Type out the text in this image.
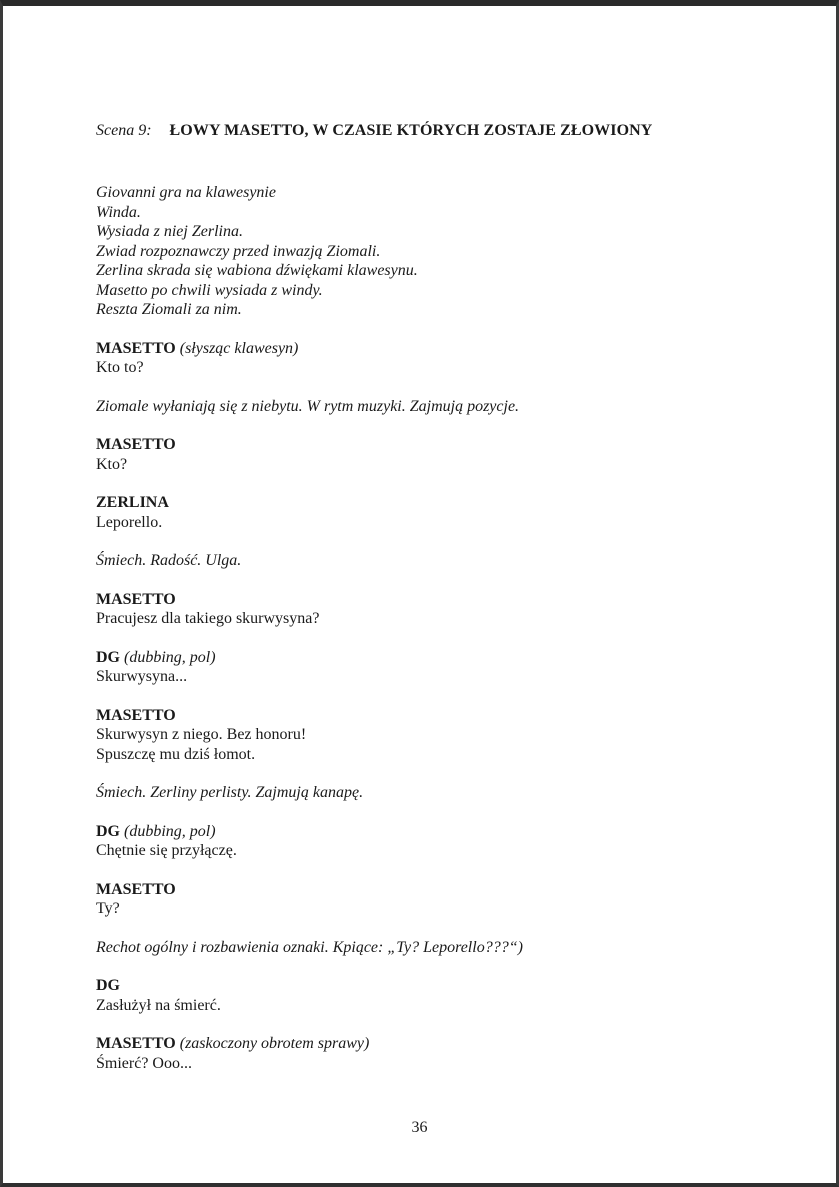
Scena 9: ŁOWY MASETTO, W CZASIE KTÓRYCH ZOSTAJE ZŁOWIONY
Giovanni gra na klawesynie
Winda.
Wysiada z niej Zerlina.
Zwiad rozpoznawczy przed inwazją Ziomali.
Zerlina skrada się wabiona dźwiękami klawesynu.
Masetto po chwili wysiada z windy.
Reszta Ziomali za nim.
MASETTO (słysząc klawesyn)
Kto to?
Ziomale wyłaniają się z niebytu. W rytm muzyki. Zajmują pozycje.
MASETTO
Kto?
ZERLINA
Leporello.
Śmiech. Radość. Ulga.
MASETTO
Pracujesz dla takiego skurwysyna?
DG (dubbing, pol)
Skurwysyna...
MASETTO
Skurwysyn z niego. Bez honoru!
Spuszczę mu dziś łomot.
Śmiech. Zerliny perlisty. Zajmują kanapę.
DG (dubbing, pol)
Chętnie się przyłączę.
MASETTO
Ty?
Rechot ogólny i rozbawienia oznaki. Kpiące: „Ty? Leporello???“)
DG
Zasłużył na śmierć.
MASETTO (zaskoczony obrotem sprawy)
Śmierć? Ooo...
36
